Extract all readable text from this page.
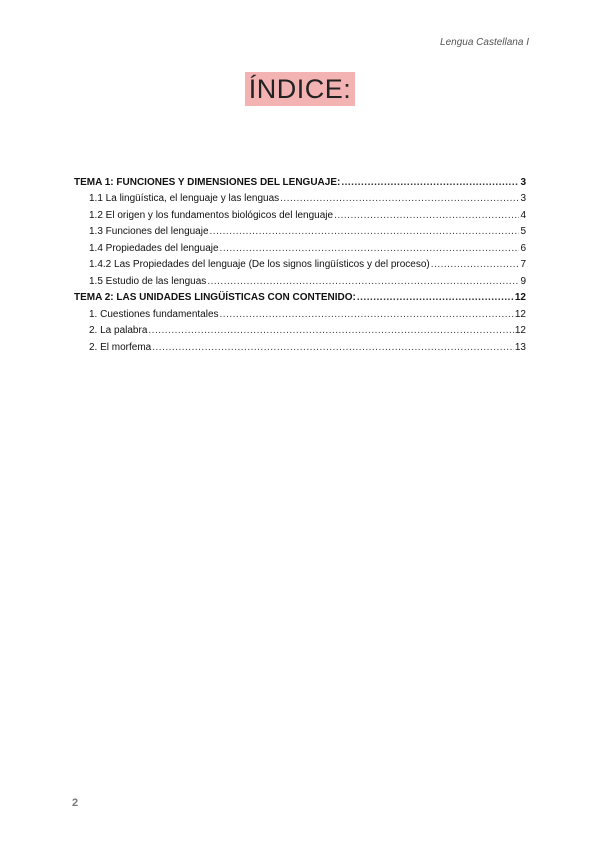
Lengua Castellana I
ÍNDICE:
TEMA 1: FUNCIONES Y DIMENSIONES DEL LENGUAJE: .....	3
1.1 La lingüística, el lenguaje y las lenguas .....	3
1.2 El origen y los fundamentos biológicos del lenguaje .....	4
1.3 Funciones del lenguaje .....	5
1.4 Propiedades del lenguaje .....	6
1.4.2 Las Propiedades del lenguaje (De los signos lingüísticos y del proceso) .....	7
1.5 Estudio de las lenguas .....	9
TEMA 2: LAS UNIDADES LINGÜÍSTICAS CON CONTENIDO: .....	12
1. Cuestiones fundamentales .....	12
2. La palabra .....	12
2. El morfema .....	13
2
